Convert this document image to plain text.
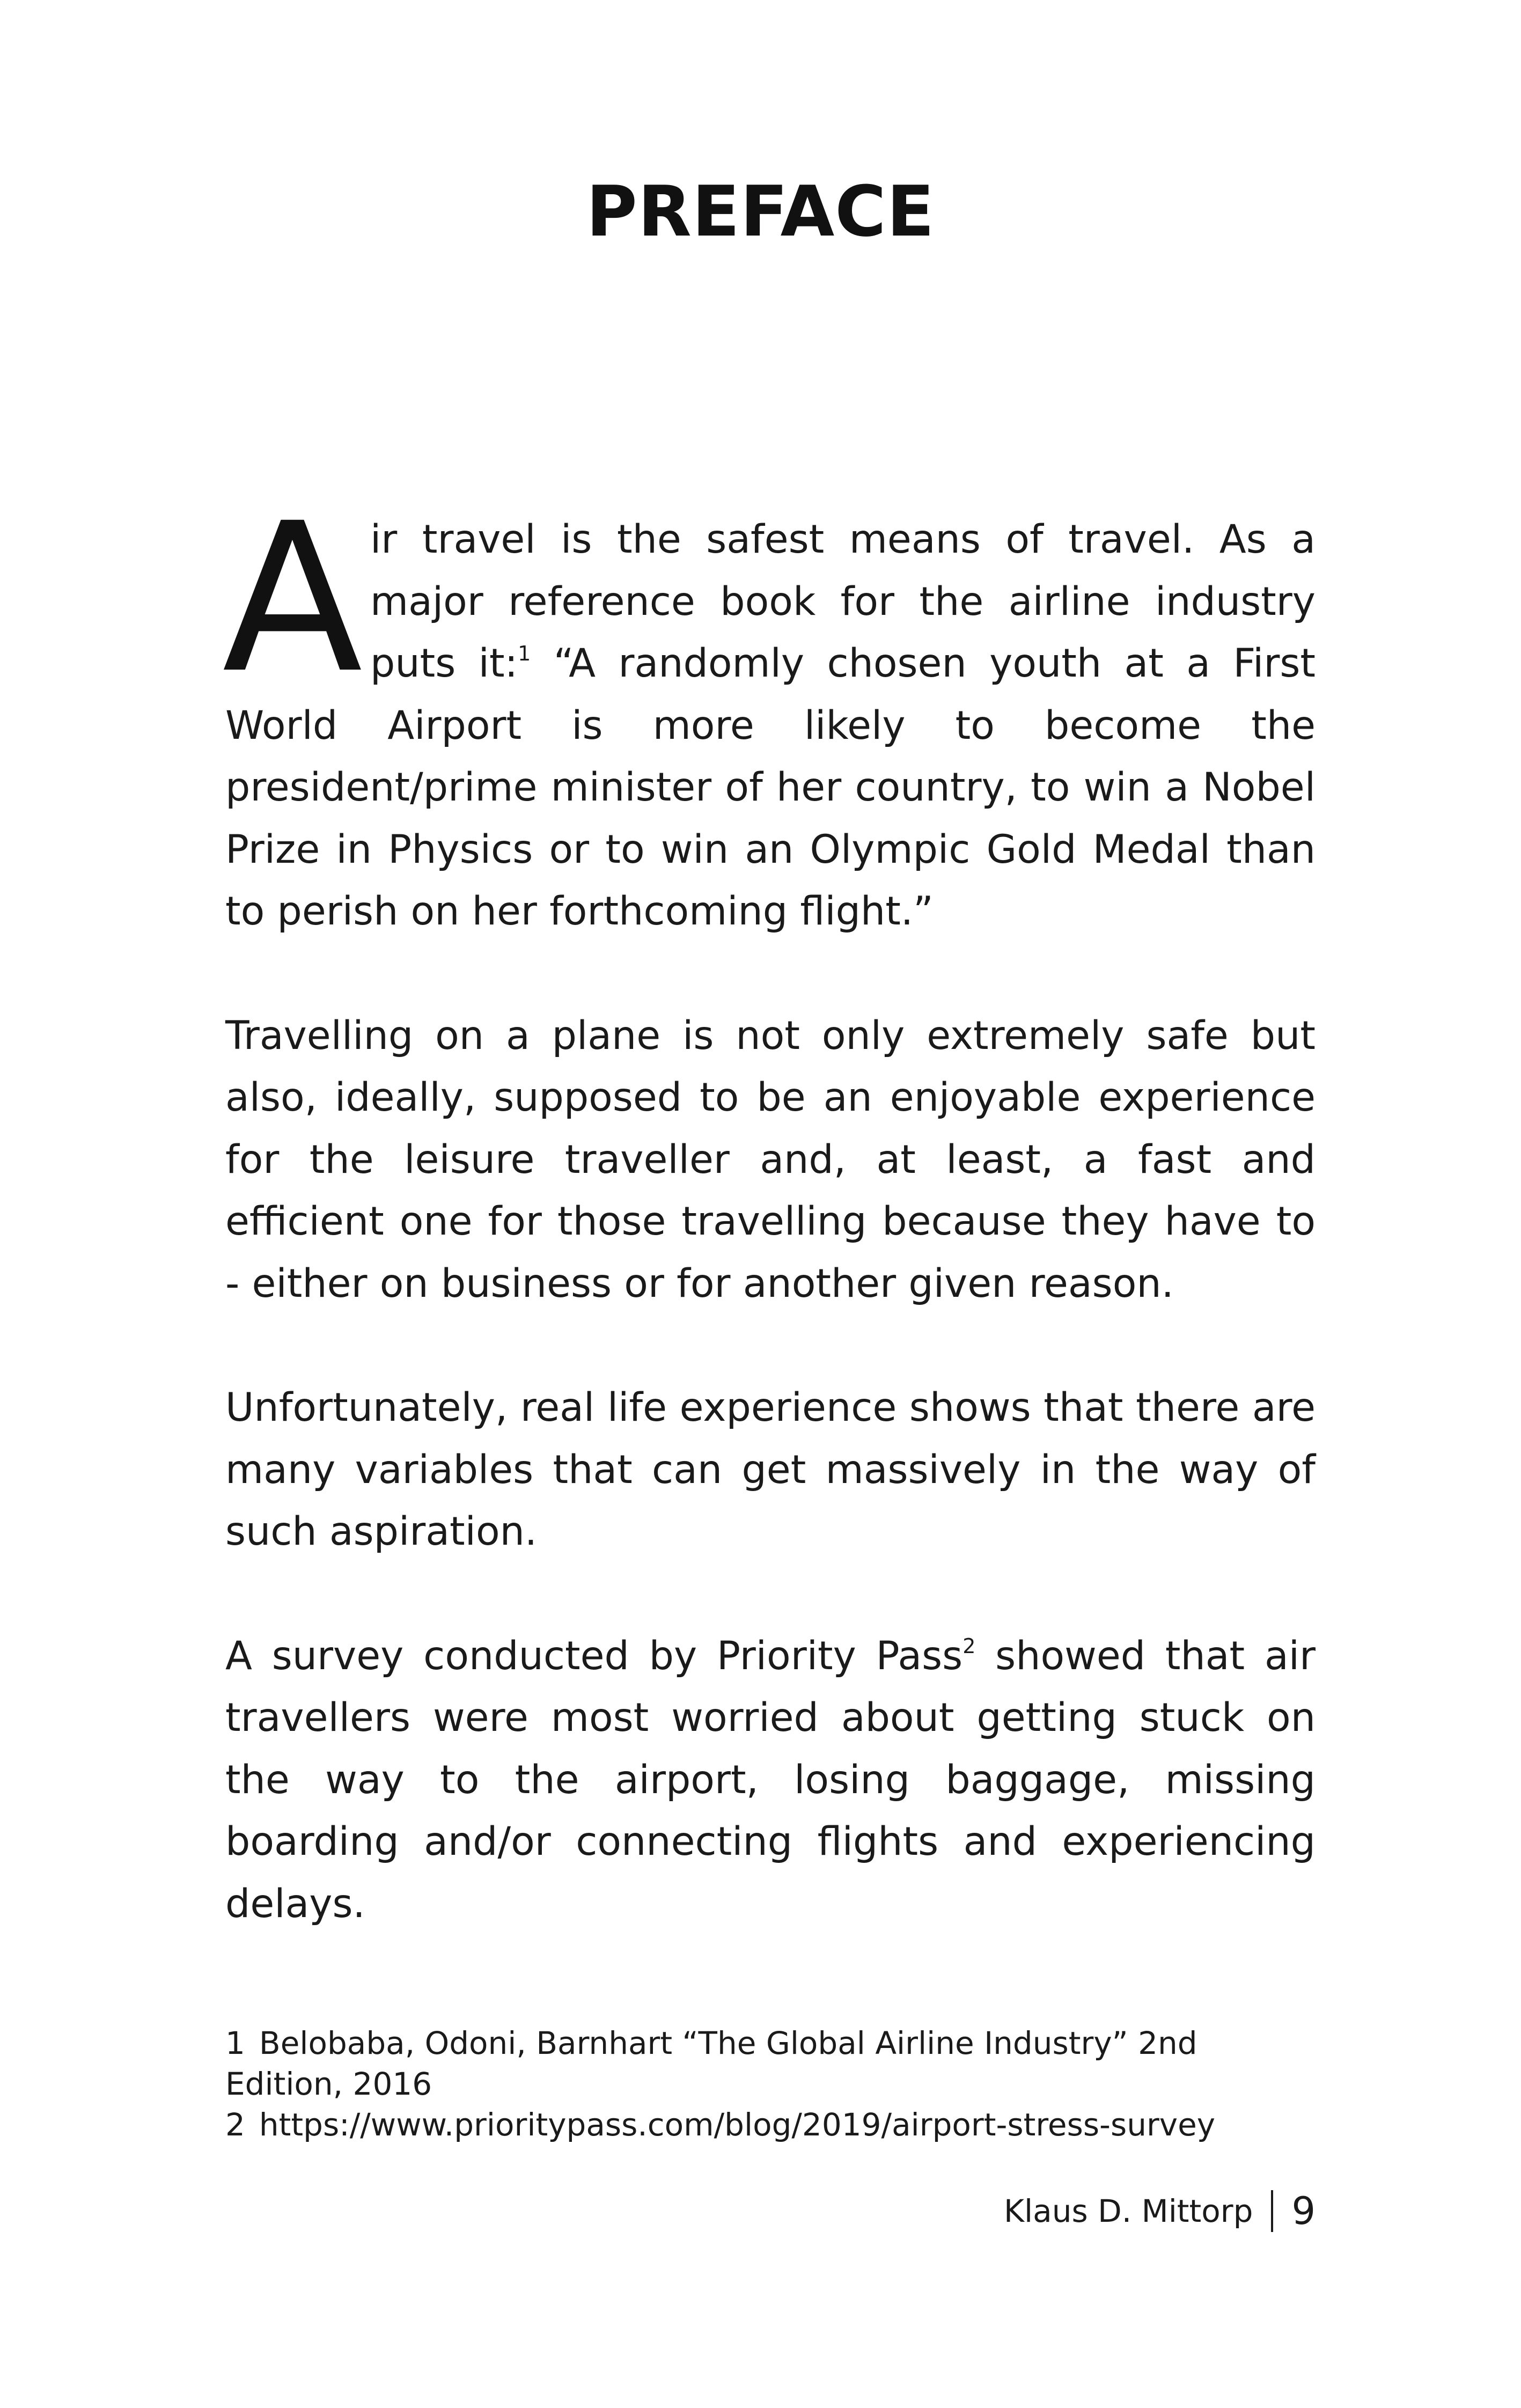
PREFACE

Air travel is the safest means of travel. As a major reference book for the airline industry puts it:$^1$ “A randomly chosen youth at a First World Airport is more likely to become the president/prime minister of her country, to win a Nobel Prize in Physics or to win an Olympic Gold Medal than to perish on her forthcoming flight.”

Travelling on a plane is not only extremely safe but also, ideally, supposed to be an enjoyable experience for the leisure traveller and, at least, a fast and efficient one for those travelling because they have to - either on business or for another given reason.

Unfortunately, real life experience shows that there are many variables that can get massively in the way of such aspiration.

A survey conducted by Priority Pass$^2$ showed that air travellers were most worried about getting stuck on the way to the airport, losing baggage, missing boarding and/or connecting flights and experiencing delays.

1 Belobaba, Odoni, Barnhart “The Global Airline Industry” 2nd Edition, 2016

2 https://www.prioritypass.com/blog/2019/airport-stress-survey

Klaus D. Mittorp 9
